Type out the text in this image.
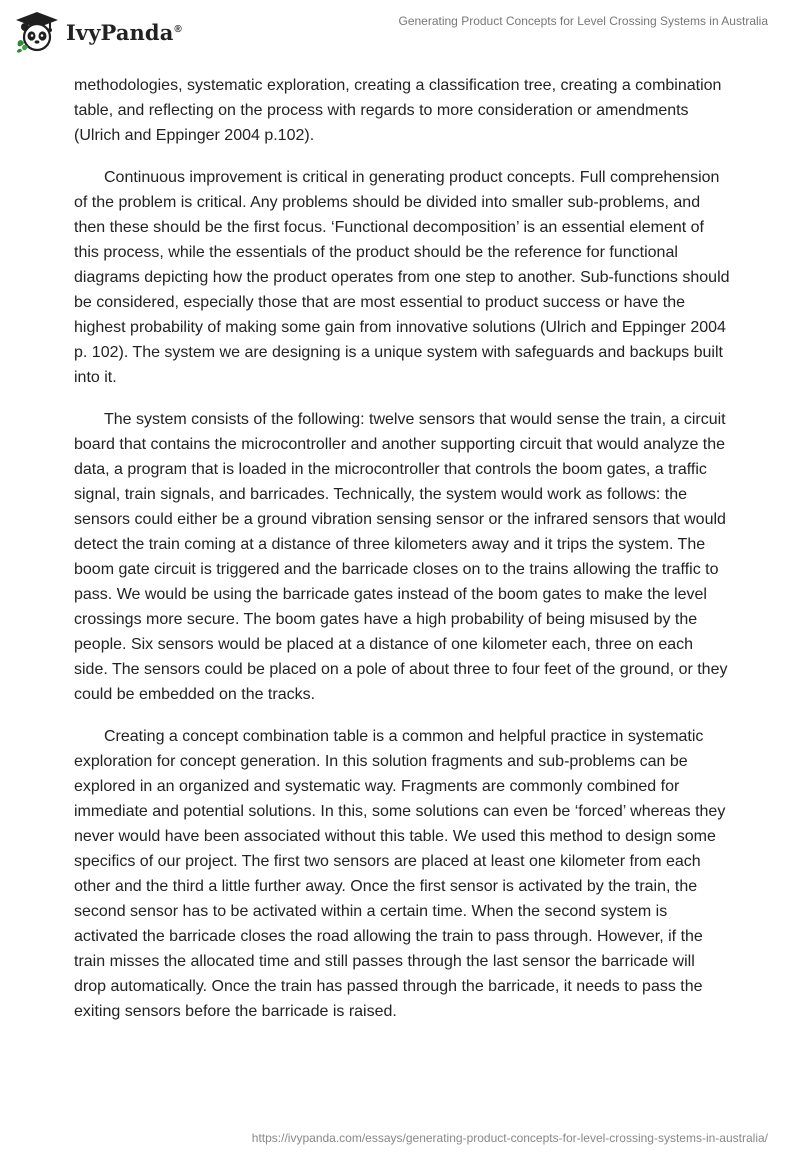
IvyPanda®
Generating Product Concepts for Level Crossing Systems in Australia

methodologies, systematic exploration, creating a classification tree, creating a combination table, and reflecting on the process with regards to more consideration or amendments (Ulrich and Eppinger 2004 p.102).

Continuous improvement is critical in generating product concepts. Full comprehension of the problem is critical. Any problems should be divided into smaller sub-problems, and then these should be the first focus. ‘Functional decomposition’ is an essential element of this process, while the essentials of the product should be the reference for functional diagrams depicting how the product operates from one step to another. Sub-functions should be considered, especially those that are most essential to product success or have the highest probability of making some gain from innovative solutions (Ulrich and Eppinger 2004 p. 102). The system we are designing is a unique system with safeguards and backups built into it.

The system consists of the following: twelve sensors that would sense the train, a circuit board that contains the microcontroller and another supporting circuit that would analyze the data, a program that is loaded in the microcontroller that controls the boom gates, a traffic signal, train signals, and barricades. Technically, the system would work as follows: the sensors could either be a ground vibration sensing sensor or the infrared sensors that would detect the train coming at a distance of three kilometers away and it trips the system. The boom gate circuit is triggered and the barricade closes on to the trains allowing the traffic to pass. We would be using the barricade gates instead of the boom gates to make the level crossings more secure. The boom gates have a high probability of being misused by the people. Six sensors would be placed at a distance of one kilometer each, three on each side. The sensors could be placed on a pole of about three to four feet of the ground, or they could be embedded on the tracks.

Creating a concept combination table is a common and helpful practice in systematic exploration for concept generation. In this solution fragments and sub-problems can be explored in an organized and systematic way. Fragments are commonly combined for immediate and potential solutions. In this, some solutions can even be ‘forced’ whereas they never would have been associated without this table. We used this method to design some specifics of our project. The first two sensors are placed at least one kilometer from each other and the third a little further away. Once the first sensor is activated by the train, the second sensor has to be activated within a certain time. When the second system is activated the barricade closes the road allowing the train to pass through. However, if the train misses the allocated time and still passes through the last sensor the barricade will drop automatically. Once the train has passed through the barricade, it needs to pass the exiting sensors before the barricade is raised.

https://ivypanda.com/essays/generating-product-concepts-for-level-crossing-systems-in-australia/
